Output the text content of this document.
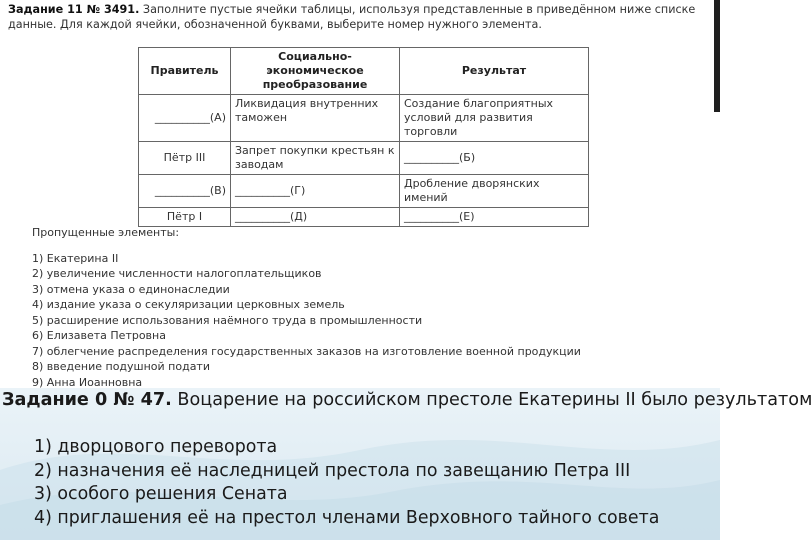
Задание 11 № 3491. Заполните пустые ячейки таблицы, используя представленные в приведённом ниже списке данные. Для каждой ячейки, обозначенной буквами, выберите номер нужного элемента.

Правитель	Социально-экономическое преобразование	Результат
__________(А)	Ликвидация внутренних таможен	Создание благоприятных условий для развития торговли
Пётр III	Запрет покупки крестьян к заводам	__________(Б)
__________(В)	__________(Г)	Дробление дворянских имений
Пётр I	__________(Д)	__________(Е)
Пропущенные элементы:
1) Екатерина II
2) увеличение численности налогоплательщиков
3) отмена указа о единонаследии
4) издание указа о секуляризации церковных земель
5) расширение использования наёмного труда в промышленности
6) Елизавета Петровна
7) облегчение распределения государственных заказов на изготовление военной продукции
8) введение подушной подати
9) Анна Иоанновна
Задание 0 № 47. Воцарение на российском престоле Екатерины II было результатом
1) дворцового переворота
2) назначения её наследницей престола по завещанию Петра III
3) особого решения Сената
4) приглашения её на престол членами Верховного тайного совета
